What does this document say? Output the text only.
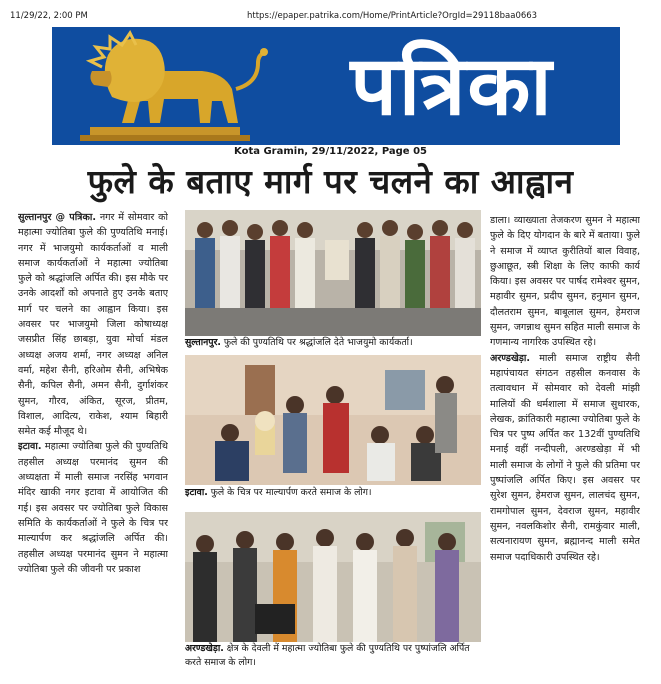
11/29/22, 2:00 PM	https://epaper.patrika.com/Home/PrintArticle?OrgId=29118baa0663
पत्रिका
Kota Gramin, 29/11/2022, Page 05
फुले के बताए मार्ग पर चलने का आह्वान

सुल्तानपुर @ पत्रिका. नगर में सोमवार को महात्मा ज्योतिबा फुले की पुण्यतिथि मनाई। नगर में भाजयुमो कार्यकर्ताओं व माली समाज कार्यकर्ताओं ने महात्मा ज्योतिबा फुले को श्रद्धांजलि अर्पित की। इस मौके पर उनके आदर्शों को अपनाते हुए उनके बताए मार्ग पर चलने का आह्वान किया। इस अवसर पर भाजयुमो जिला कोषाध्यक्ष जसप्रीत सिंह छाबड़ा, युवा मोर्चा मंडल अध्यक्ष अजय शर्मा, नगर अध्यक्ष अनिल वर्मा, महेश सैनी, हरिओम सैनी, अभिषेक सैनी, कपिल सैनी, अमन सैनी, दुर्गाशंकर सुमन, गौरव, अंकित, सूरज, प्रीतम, विशाल, आदित्य, राकेश, श्याम बिहारी समेत कई मौजूद थे।

इटावा. महात्मा ज्योतिबा फुले की पुण्यतिथि तहसील अध्यक्ष परमानंद सुमन की अध्यक्षता में माली समाज नरसिंह भगवान मंदिर खाकी नगर इटावा में आयोजित की गई। इस अवसर पर ज्योतिबा फुले विकास समिति के कार्यकर्ताओं ने फुले के चित्र पर माल्यार्पण कर श्रद्धांजलि अर्पित की। तहसील अध्यक्ष परमानंद सुमन ने महात्मा ज्योतिबा फुले की जीवनी पर प्रकाश

सुल्तानपुर. फुले की पुण्यतिथि पर श्रद्धांजलि देते भाजयुमो कार्यकर्ता।
इटावा. फुले के चित्र पर माल्यार्पण करते समाज के लोग।

डाला। व्याख्याता तेजकरण सुमन ने महात्मा फुले के दिए योगदान के बारे में बताया। फुले ने समाज में व्याप्त कुरीतियों बाल विवाह, छुआछूत, स्त्री शिक्षा के लिए काफी कार्य किया। इस अवसर पर पार्षद रामेश्वर सुमन, महावीर सुमन, प्रदीप सुमन, हनुमान सुमन, दौलतराम सुमन, बाबूलाल सुमन, हेमराज सुमन, जगन्नाथ सुमन सहित माली समाज के गणमान्य नागरिक उपस्थित रहे।

अरण्डखेड़ा. माली समाज राष्ट्रीय सैनी महापंचायत संगठन तहसील कनवास के तत्वावधान में सोमवार को देवली मांझी मालियों की धर्मशाला में समाज सुधारक, लेखक, क्रांतिकारी महात्मा ज्योतिबा फुले के चित्र पर पुष्प अर्पित कर 132वीं पुण्यतिथि मनाई वहीं नन्दीपली, अरण्डखेड़ा में भी माली समाज के लोगों ने फुले की प्रतिमा पर पुष्पांजलि अर्पित किए। इस अवसर पर सुरेश सुमन, हेमराज सुमन, लालचंद सुमन, रामगोपाल सुमन, देवराज सुमन, महावीर सुमन, नवलकिशोर सैनी, रामकुंवार माली, सत्यनारायण सुमन, ब्रह्मानन्द माली समेत समाज पदाधिकारी उपस्थित रहे।

अरण्डखेड़ा. क्षेत्र के देवली में महात्मा ज्योतिबा फुले की पुण्यतिथि पर पुष्पांजलि अर्पित करते समाज के लोग।
